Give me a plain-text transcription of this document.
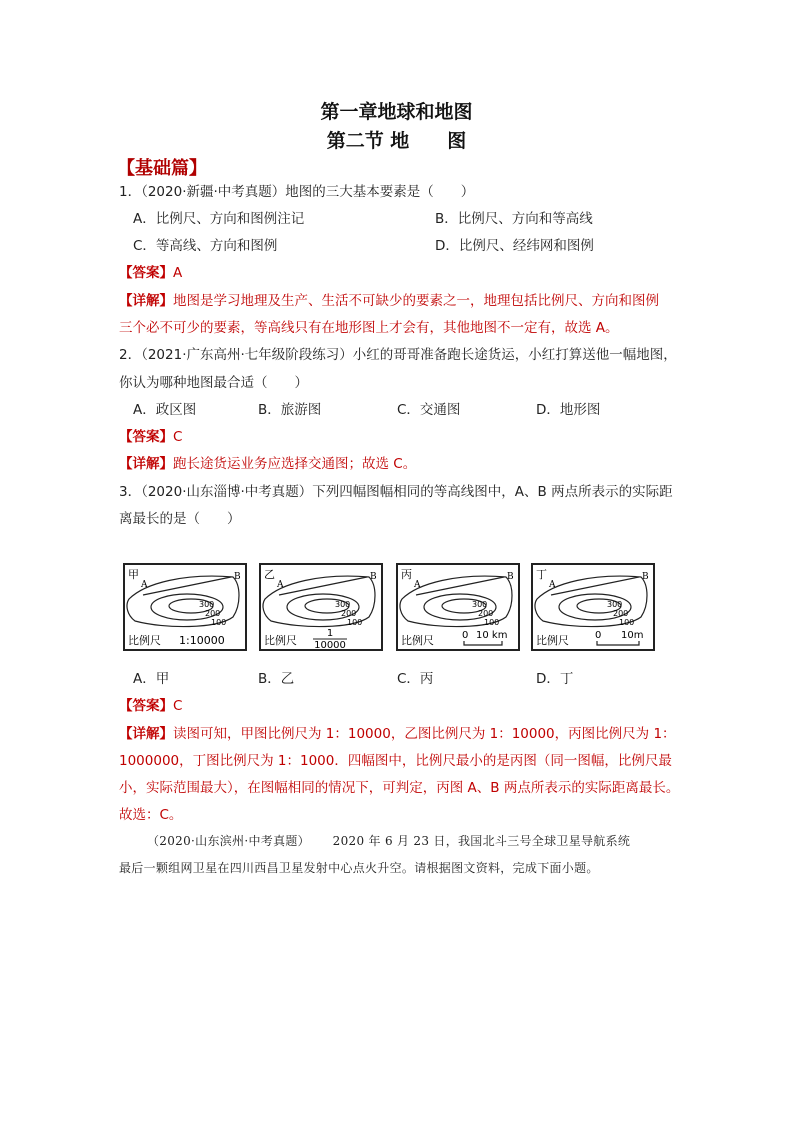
第一章地球和地图
第二节 地　　图
【基础篇】
1．（2020·新疆·中考真题）地图的三大基本要素是（　　）
A．比例尺、方向和图例注记	B．比例尺、方向和等高线
C．等高线、方向和图例	D．比例尺、经纬网和图例
【答案】A
【详解】地图是学习地理及生产、生活不可缺少的要素之一，地理包括比例尺、方向和图例
三个必不可少的要素，等高线只有在地形图上才会有，其他地图不一定有，故选 A。
2．（2021·广东高州·七年级阶段练习）小红的哥哥准备跑长途货运，小红打算送他一幅地图，
你认为哪种地图最合适（　　）
A．政区图	B．旅游图	C．交通图	D．地形图
【答案】C
【详解】跑长途货运业务应选择交通图；故选 C。
3．（2020·山东淄博·中考真题）下列四幅图幅相同的等高线图中，A、B 两点所表示的实际距
离最长的是（　　）
甲
A
B
300
200
100
比例尺 1:10000
乙
A
B
300
200
100
比例尺
1
10000
丙
A
B
300
200
100
比例尺	0 10 km
丁
A
B
300
200
100
比例尺	0 10m
A．甲	B．乙	C．丙	D．丁
【答案】C
【详解】读图可知，甲图比例尺为 1：10000，乙图比例尺为 1：10000，丙图比例尺为 1：
1000000，丁图比例尺为 1：1000．四幅图中，比例尺最小的是丙图（同一图幅，比例尺最
小，实际范围最大），在图幅相同的情况下，可判定，丙图 A、B 两点所表示的实际距离最长。
故选：C。
（2020·山东滨州·中考真题）　　 2020 年 6 月 23 日，我国北斗三号全球卫星导航系统
最后一颗组网卫星在四川西昌卫星发射中心点火升空。请根据图文资料，完成下面小题。
